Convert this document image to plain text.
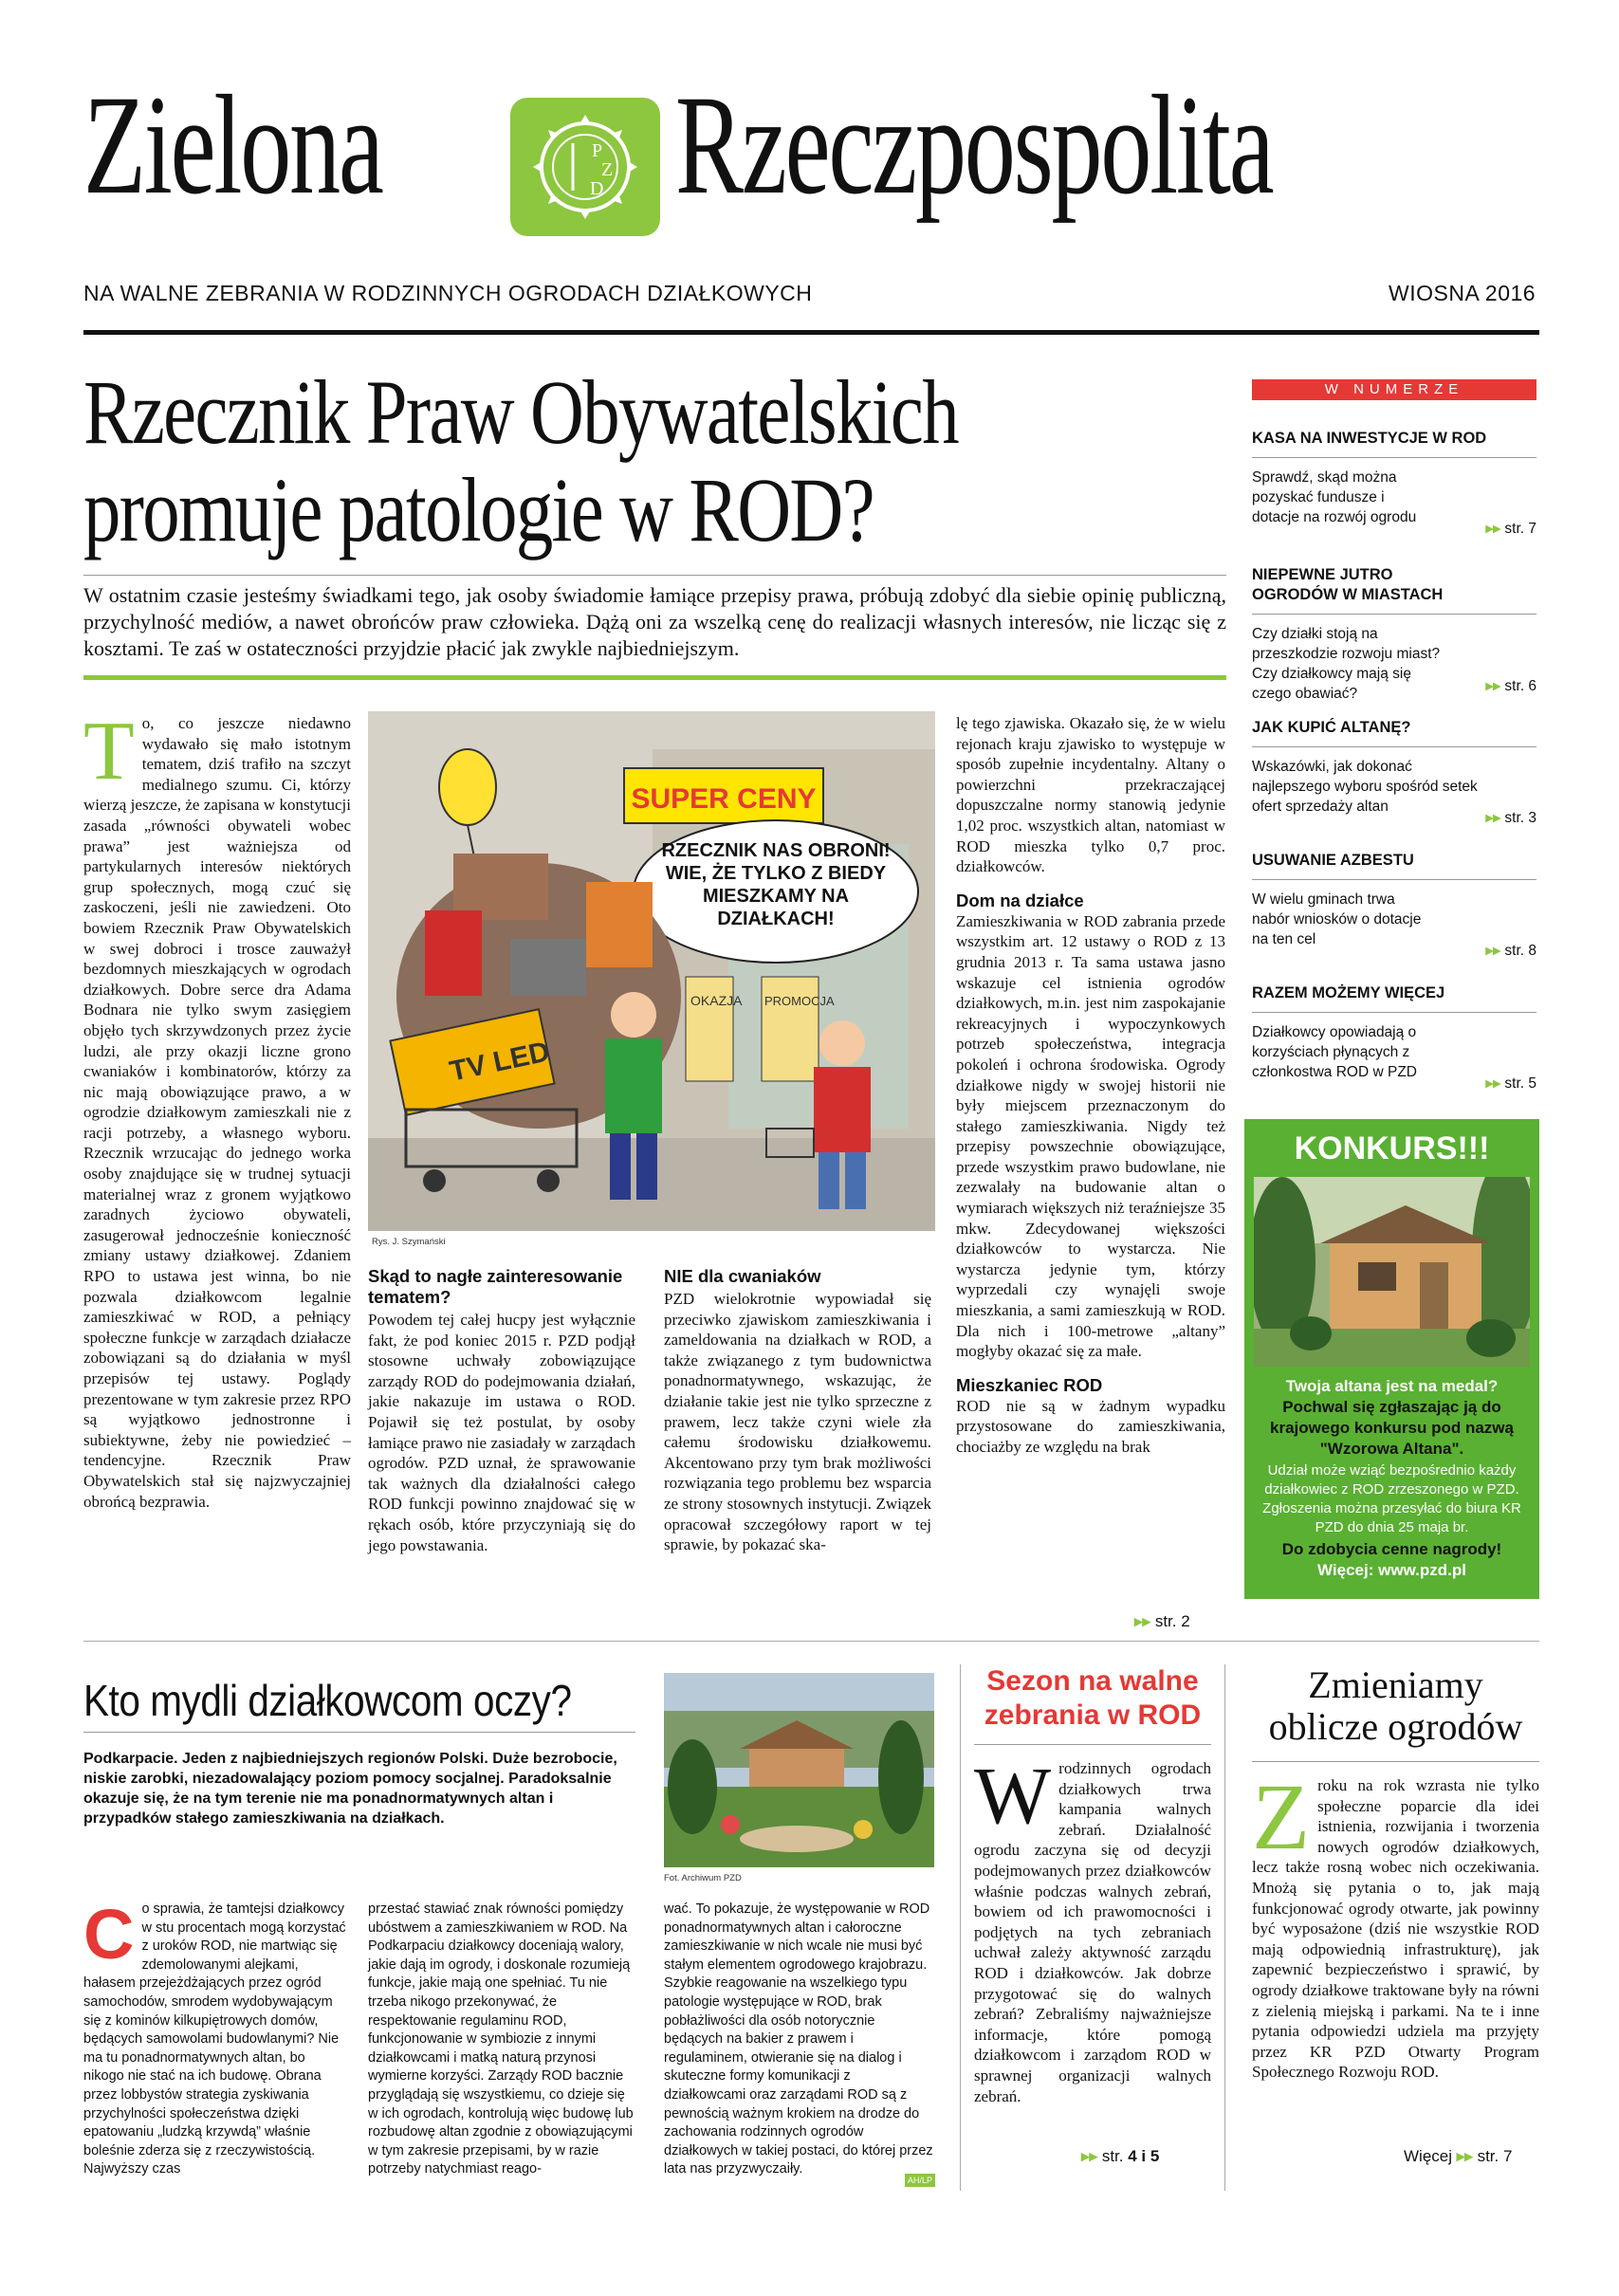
Zielona	P
Z
D Rzeczpospolita
NA WALNE ZEBRANIA W RODZINNYCH OGRODACH DZIAŁKOWYCH	WIOSNA 2016
Rzecznik Praw Obywatelskich
promuje patologie w ROD?
W ostatnim czasie jesteśmy świadkami tego, jak osoby świadomie łamiące przepisy prawa, próbują zdobyć dla siebie opinię publiczną, przychylność mediów, a nawet obrońców praw człowieka. Dążą oni za wszelką cenę do realizacji własnych interesów, nie licząc się z kosztami. Te zaś w ostateczności przyjdzie płacić jak zwykle najbiedniejszym.
To, co jeszcze niedawno wydawało się mało istotnym tematem, dziś trafiło na szczyt medialnego szumu. Ci, którzy wierzą jeszcze, że zapisana w konstytucji zasada „równości obywateli wobec prawa” jest ważniejsza od partykularnych interesów niektórych grup społecznych, mogą czuć się zaskoczeni, jeśli nie zawiedzeni. Oto bowiem Rzecznik Praw Obywatelskich w swej dobroci i trosce zauważył bezdomnych mieszkających w ogrodach działkowych. Dobre serce dra Adama Bodnara nie tylko swym zasięgiem objęło tych skrzywdzonych przez życie ludzi, ale przy okazji liczne grono cwaniaków i kombinatorów, którzy za nic mają obowiązujące prawo, a w ogrodzie działkowym zamieszkali nie z racji potrzeby, a własnego wyboru. Rzecznik wrzucając do jednego worka osoby znajdujące się w trudnej sytuacji materialnej wraz z gronem wyjątkowo zaradnych życiowo obywateli, zasugerował jednocześnie konieczność zmiany ustawy działkowej. Zdaniem RPO to ustawa jest winna, bo nie pozwala działkowcom legalnie zamieszkiwać w ROD, a pełniący społeczne funkcje w zarządach działacze zobowiązani są do działania w myśl przepisów tej ustawy. Poglądy prezentowane w tym zakresie przez RPO są wyjątkowo jednostronne i subiektywne, żeby nie powiedzieć – tendencyjne. Rzecznik Praw Obywatelskich stał się najzwyczajniej obrońcą bezprawia.
SUPER CENY
RZECZNIK NAS OBRONI! WIE, ŻE TYLKO Z BIEDY MIESZKAMY NA DZIAŁKACH!
TV LED
OKAZJA PROMOCJA
Rys. J. Szymański
Skąd to nagłe zainteresowanie tematem?
Powodem tej całej hucpy jest wyłącznie fakt, że pod koniec 2015 r. PZD podjął stosowne uchwały zobowiązujące zarządy ROD do podejmowania działań, jakie nakazuje im ustawa o ROD. Pojawił się też postulat, by osoby łamiące prawo nie zasiadały w zarządach ogrodów. PZD uznał, że sprawowanie tak ważnych dla działalności całego ROD funkcji powinno znajdować się w rękach osób, które przyczyniają się do jego powstawania.
NIE dla cwaniaków
PZD wielokrotnie wypowiadał się przeciwko zjawiskom zamieszkiwania i zameldowania na działkach w ROD, a także związanego z tym budownictwa ponadnormatywnego, wskazując, że działanie takie jest nie tylko sprzeczne z prawem, lecz także czyni wiele zła całemu środowisku działkowemu. Akcentowano przy tym brak możliwości rozwiązania tego problemu bez wsparcia ze strony stosownych instytucji. Związek opracował szczegółowy raport w tej sprawie, by pokazać ska-
lę tego zjawiska. Okazało się, że w wielu rejonach kraju zjawisko to występuje w sposób zupełnie incydentalny. Altany o powierzchni przekraczającej dopuszczalne normy stanowią jedynie 1,02 proc. wszystkich altan, natomiast w ROD mieszka tylko 0,7 proc. działkowców.
Dom na działce
Zamieszkiwania w ROD zabrania przede wszystkim art. 12 ustawy o ROD z 13 grudnia 2013 r. Ta sama ustawa jasno wskazuje cel istnienia ogrodów działkowych, m.in. jest nim zaspokajanie rekreacyjnych i wypoczynkowych potrzeb społeczeństwa, integracja pokoleń i ochrona środowiska. Ogrody działkowe nigdy w swojej historii nie były miejscem przeznaczonym do stałego zamieszkiwania. Nigdy też przepisy powszechnie obowiązujące, przede wszystkim prawo budowlane, nie zezwalały na budowanie altan o wymiarach większych niż teraźniejsze 35 mkw. Zdecydowanej większości działkowców to wystarcza. Nie wystarcza jedynie tym, którzy wyprzedali czy wynajęli swoje mieszkania, a sami zamieszkują w ROD. Dla nich i 100-metrowe „altany” mogłyby okazać się za małe.
Mieszkaniec ROD
ROD nie są w żadnym wypadku przystosowane do zamieszkiwania, chociażby ze względu na brak
▸▸ str. 2
W NUMERZE
KASA NA INWESTYCJE W ROD
Sprawdź, skąd można pozyskać fundusze i dotacje na rozwój ogrodu
▸▸ str. 7
NIEPEWNE JUTRO OGRODÓW W MIASTACH
Czy działki stoją na przeszkodzie rozwoju miast? Czy działkowcy mają się czego obawiać?	▸▸ str. 6
JAK KUPIĆ ALTANĘ?
Wskazówki, jak dokonać najlepszego wyboru spośród setek ofert sprzedaży altan
▸▸ str. 3
USUWANIE AZBESTU
W wielu gminach trwa nabór wniosków o dotacje na ten cel
▸▸ str. 8
RAZEM MOŻEMY WIĘCEJ
Działkowcy opowiadają o korzyściach płynących z członkostwa ROD w PZD
▸▸ str. 5
KONKURS!!!
Twoja altana jest na medal?
Pochwal się zgłaszając ją do krajowego konkursu pod nazwą "Wzorowa Altana".
Udział może wziąć bezpośrednio każdy działkowiec z ROD zrzeszonego w PZD. Zgłoszenia można przesyłać do biura KR PZD do dnia 25 maja br.
Do zdobycia cenne nagrody!
Więcej: www.pzd.pl
Kto mydli działkowcom oczy?
Podkarpacie. Jeden z najbiedniejszych regionów Polski. Duże bezrobocie, niskie zarobki, niezadowalający poziom pomocy socjalnej. Paradoksalnie okazuje się, że na tym terenie nie ma ponadnormatywnych altan i przypadków stałego zamieszkiwania na działkach.
Fot. Archiwum PZD
Co sprawia, że tamtejsi działkowcy w stu procentach mogą korzystać z uroków ROD, nie martwiąc się zdemolowanymi alejkami, hałasem przejeżdżających przez ogród samochodów, smrodem wydobywającym się z kominów kilkupiętrowych domów, będących samowolami budowlanymi? Nie ma tu ponadnormatywnych altan, bo nikogo nie stać na ich budowę. Obrana przez lobbystów strategia zyskiwania przychylności społeczeństwa dzięki epatowaniu „ludzką krzywdą” właśnie boleśnie zderza się z rzeczywistością. Najwyższy czas
przestać stawiać znak równości pomiędzy ubóstwem a zamieszkiwaniem w ROD. Na Podkarpaciu działkowcy doceniają walory, jakie dają im ogrody, i doskonale rozumieją funkcje, jakie mają one spełniać. Tu nie trzeba nikogo przekonywać, że respektowanie regulaminu ROD, funkcjonowanie w symbiozie z innymi działkowcami i matką naturą przynosi wymierne korzyści. Zarządy ROD bacznie przyglądają się wszystkiemu, co dzieje się w ich ogrodach, kontrolują więc budowę lub rozbudowę altan zgodnie z obowiązującymi w tym zakresie przepisami, by w razie potrzeby natychmiast reago-
wać. To pokazuje, że występowanie w ROD ponadnormatywnych altan i całoroczne zamieszkiwanie w nich wcale nie musi być stałym elementem ogrodowego krajobrazu. Szybkie reagowanie na wszelkiego typu patologie występujące w ROD, brak pobłażliwości dla osób notorycznie będących na bakier z prawem i regulaminem, otwieranie się na dialog i skuteczne formy komunikacji z działkowcami oraz zarządami ROD są z pewnością ważnym krokiem na drodze do zachowania rodzinnych ogrodów działkowych w takiej postaci, do której przez lata nas przyzwyczaiły.
AH/LP
Sezon na walne zebrania w ROD
Wrodzinnych ogrodach działkowych trwa kampania walnych zebrań. Działalność ogrodu zaczyna się od decyzji podejmowanych przez działkowców właśnie podczas walnych zebrań, bowiem od ich prawomocności i podjętych na tych zebraniach uchwał zależy aktywność zarządu ROD i działkowców. Jak dobrze przygotować się do walnych zebrań? Zebraliśmy najważniejsze informacje, które pomogą działkowcom i zarządom ROD w sprawnej organizacji walnych zebrań.
▸▸ str. 4 i 5
Zmieniamy oblicze ogrodów
Zroku na rok wzrasta nie tylko społeczne poparcie dla idei istnienia, rozwijania i tworzenia nowych ogrodów działkowych, lecz także rosną wobec nich oczekiwania. Mnożą się pytania o to, jak mają funkcjonować ogrody otwarte, jak powinny być wyposażone (dziś nie wszystkie ROD mają odpowiednią infrastrukturę), jak zapewnić bezpieczeństwo i sprawić, by ogrody działkowe traktowane były na równi z zielenią miejską i parkami. Na te i inne pytania odpowiedzi udziela ma przyjęty przez KR PZD Otwarty Program Społecznego Rozwoju ROD.
Więcej ▸▸ str. 7
